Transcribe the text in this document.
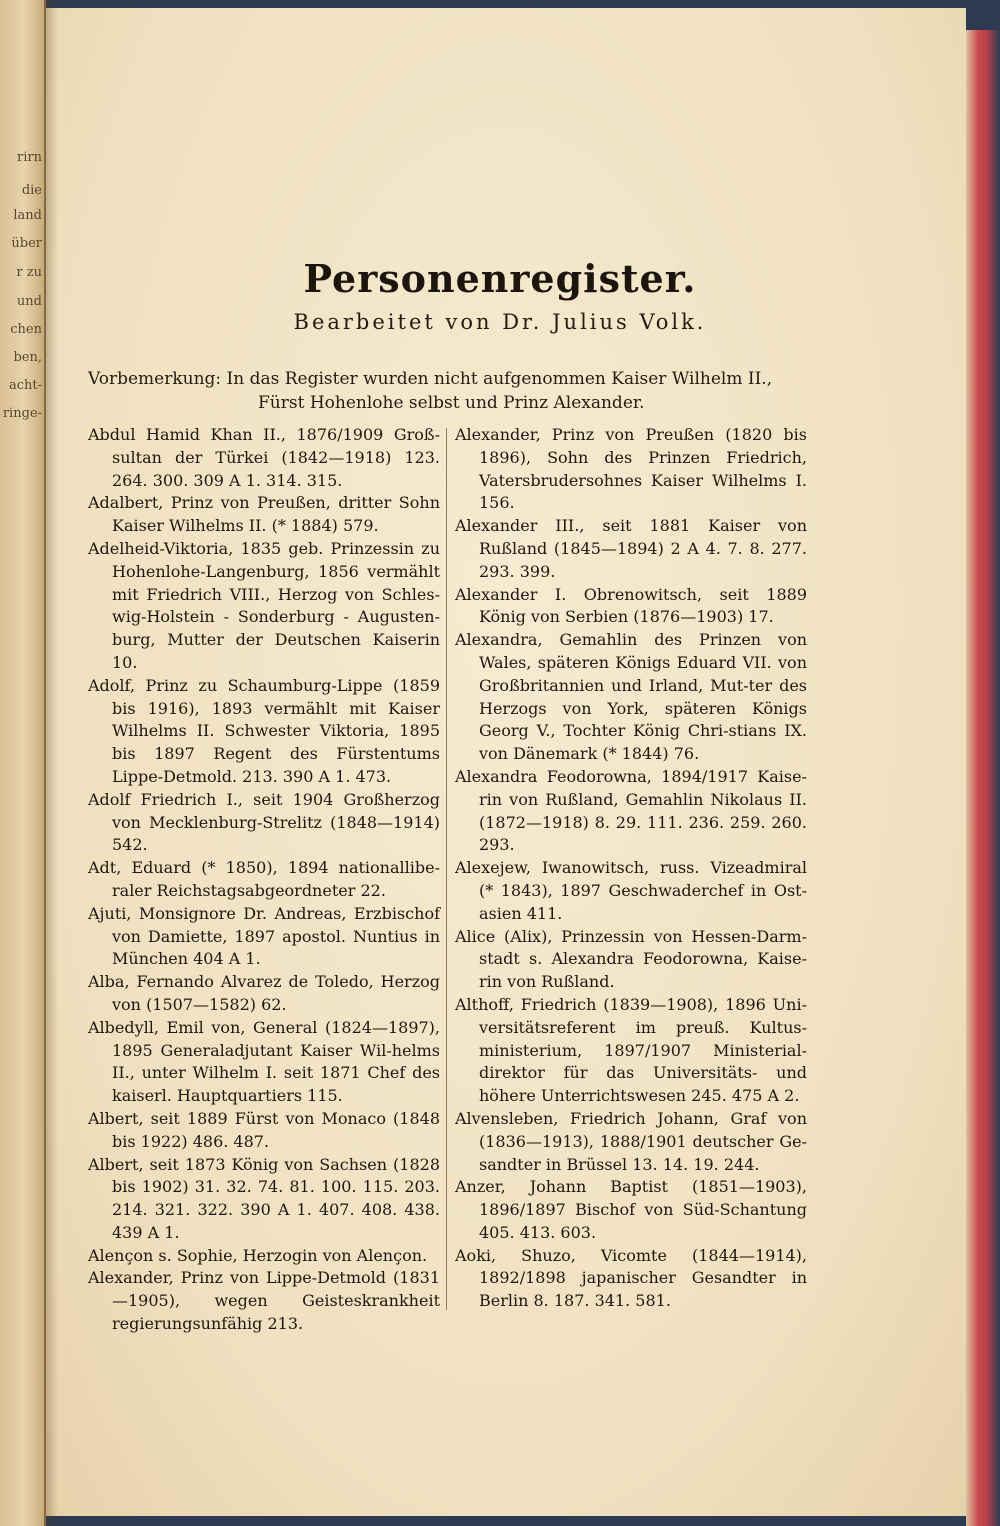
rirn
die
land
über
r zu
und
chen
ben,
acht-
ringe-
Personenregister.
Bearbeitet von Dr. Julius Volk.
Vorbemerkung: In das Register wurden nicht aufgenommen Kaiser Wilhelm II.,
Fürst Hohenlohe selbst und Prinz Alexander.

Abdul Hamid Khan II., 1876/1909 Groß-sultan der Türkei (1842—1918) 123. 264. 300. 309 A 1. 314. 315.

Adalbert, Prinz von Preußen, dritter Sohn Kaiser Wilhelms II. (* 1884) 579.

Adelheid-Viktoria, 1835 geb. Prinzessin zu Hohenlohe-Langenburg, 1856 vermählt mit Friedrich VIII., Herzog von Schles-wig-Holstein - Sonderburg - Augusten-burg, Mutter der Deutschen Kaiserin 10.

Adolf, Prinz zu Schaumburg-Lippe (1859 bis 1916), 1893 vermählt mit Kaiser Wilhelms II. Schwester Viktoria, 1895 bis 1897 Regent des Fürstentums Lippe-Detmold. 213. 390 A 1. 473.

Adolf Friedrich I., seit 1904 Großherzog von Mecklenburg-Strelitz (1848—1914) 542.

Adt, Eduard (* 1850), 1894 nationallibe-raler Reichstagsabgeordneter 22.

Ajuti, Monsignore Dr. Andreas, Erzbischof von Damiette, 1897 apostol. Nuntius in München 404 A 1.

Alba, Fernando Alvarez de Toledo, Herzog von (1507—1582) 62.

Albedyll, Emil von, General (1824—1897), 1895 Generaladjutant Kaiser Wil-helms II., unter Wilhelm I. seit 1871 Chef des kaiserl. Hauptquartiers 115.

Albert, seit 1889 Fürst von Monaco (1848 bis 1922) 486. 487.

Albert, seit 1873 König von Sachsen (1828 bis 1902) 31. 32. 74. 81. 100. 115. 203. 214. 321. 322. 390 A 1. 407. 408. 438. 439 A 1.

Alençon s. Sophie, Herzogin von Alençon.

Alexander, Prinz von Lippe-Detmold (1831—1905), wegen Geisteskrankheit regierungsunfähig 213.

Alexander, Prinz von Preußen (1820 bis 1896), Sohn des Prinzen Friedrich, Vatersbrudersohnes Kaiser Wilhelms I. 156.

Alexander III., seit 1881 Kaiser von Rußland (1845—1894) 2 A 4. 7. 8. 277. 293. 399.

Alexander I. Obrenowitsch, seit 1889 König von Serbien (1876—1903) 17.

Alexandra, Gemahlin des Prinzen von Wales, späteren Königs Eduard VII. von Großbritannien und Irland, Mut-ter des Herzogs von York, späteren Königs Georg V., Tochter König Chri-stians IX. von Dänemark (* 1844) 76.

Alexandra Feodorowna, 1894/1917 Kaise-rin von Rußland, Gemahlin Nikolaus II. (1872—1918) 8. 29. 111. 236. 259. 260. 293.

Alexejew, Iwanowitsch, russ. Vizeadmiral (* 1843), 1897 Geschwaderchef in Ost-asien 411.

Alice (Alix), Prinzessin von Hessen-Darm-stadt s. Alexandra Feodorowna, Kaise-rin von Rußland.

Althoff, Friedrich (1839—1908), 1896 Uni-versitätsreferent im preuß. Kultus-ministerium, 1897/1907 Ministerial-direktor für das Universitäts- und höhere Unterrichtswesen 245. 475 A 2.

Alvensleben, Friedrich Johann, Graf von (1836—1913), 1888/1901 deutscher Ge-sandter in Brüssel 13. 14. 19. 244.

Anzer, Johann Baptist (1851—1903), 1896/1897 Bischof von Süd-Schantung 405. 413. 603.

Aoki, Shuzo, Vicomte (1844—1914), 1892/1898 japanischer Gesandter in Berlin 8. 187. 341. 581.
